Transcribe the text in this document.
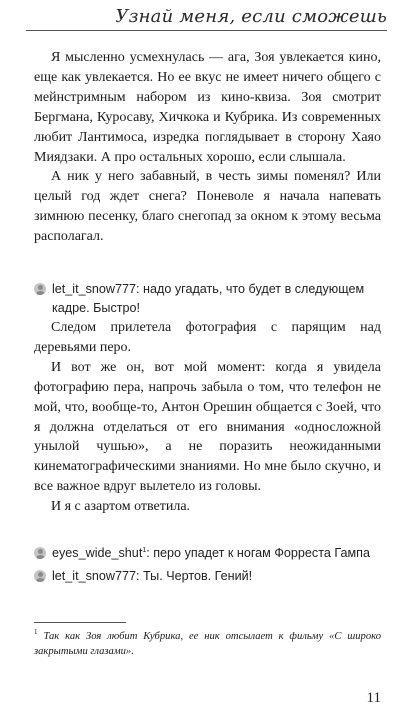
Узнай меня, если сможешь

Я мысленно усмехнулась — ага, Зоя увлекается кино, еще как увлекается. Но ее вкус не имеет ничего общего с мейнстримным набором из кино-квиза. Зоя смотрит Бергмана, Куросаву, Хичкока и Кубрика. Из современных любит Лантимоса, изредка поглядывает в сторону Хаяо Миядзаки. А про остальных хорошо, если слышала.

А ник у него забавный, в честь зимы поменял? Или целый год ждет снега? Поневоле я начала напевать зимнюю песенку, благо снегопад за окном к этому весьма располагал.

let_it_snow777: надо угадать, что будет в следующем кадре. Быстро!

Следом прилетела фотография с парящим над деревьями перо.

И вот же он, вот мой момент: когда я увидела фотографию пера, напрочь забыла о том, что телефон не мой, что, вообще-то, Антон Орешин общается с Зоей, что я должна отделаться от его внимания «односложной унылой чушью», а не поразить неожиданными кинематографическими знаниями. Но мне было скучно, и все важное вдруг вылетело из головы.

И я с азартом ответила.

eyes_wide_shut$^1$: перо упадет к ногам Форреста Гампа
let_it_snow777: Ты. Чертов. Гений!
$^1$ Так как Зоя любит Кубрика, ее ник отсылает к фильму «С широко закрытыми глазами».
11
